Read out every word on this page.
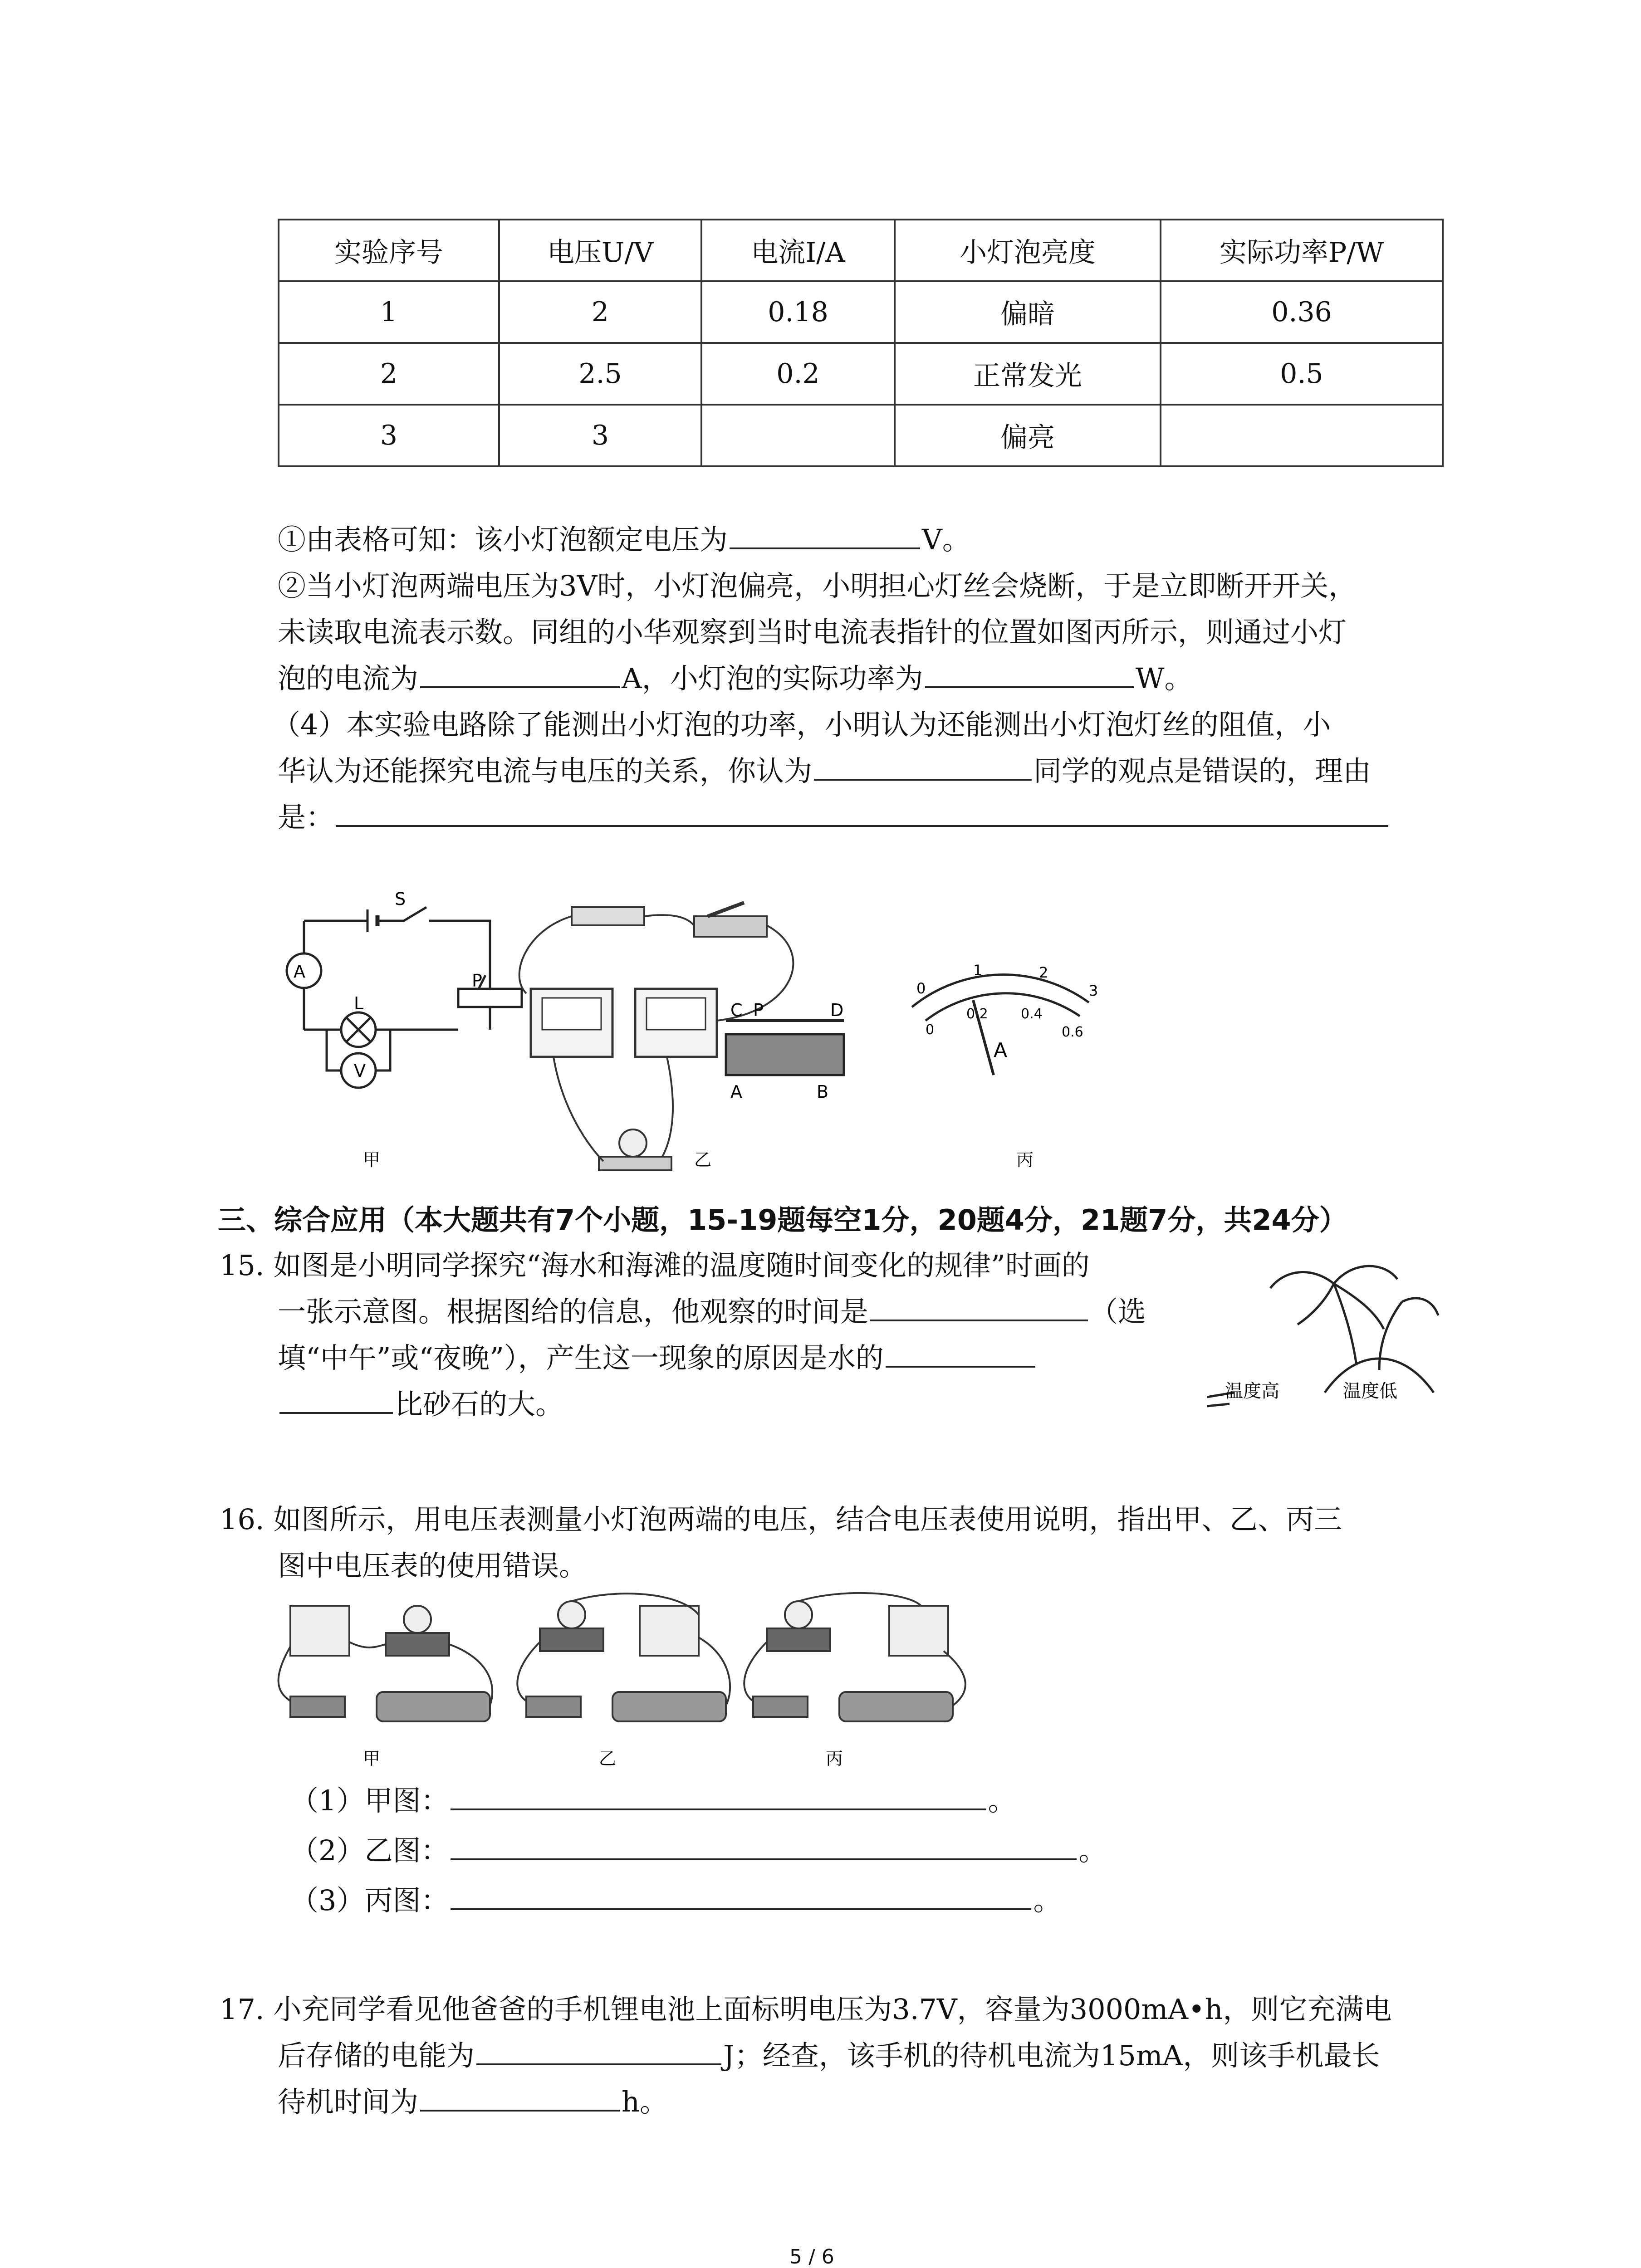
实验序号	电压U/V	电流I/A	小灯泡亮度	实际功率P/W
1	2	0.18	偏暗	0.36
2	2.5	0.2	正常发光	0.5
3	3		偏亮	
①由表格可知：该小灯泡额定电压为	V。
②当小灯泡两端电压为3V时，小灯泡偏亮，小明担心灯丝会烧断，于是立即断开开关，
未读取电流表示数。同组的小华观察到当时电流表指针的位置如图丙所示，则通过小灯
泡的电流为	A，小灯泡的实际功率为	W。
（4）本实验电路除了能测出小灯泡的功率，小明认为还能测出小灯泡灯丝的阻值，小
华认为还能探究电流与电压的关系，你认为	同学的观点是错误的，理由
是：
A
S
L
V
P
甲
C P	D
A	B
乙
0
1	2
3
0
0.2 0.4
0.6
A
丙
三、综合应用（本大题共有7个小题，15-19题每空1分，20题4分，21题7分，共24分）
15. 如图是小明同学探究“海水和海滩的温度随时间变化的规律”时画的
一张示意图。根据图给的信息，他观察的时间是	（选
填“中午”或“夜晚”），产生这一现象的原因是水的
比砂石的大。	温度高	温度低
16. 如图所示，用电压表测量小灯泡两端的电压，结合电压表使用说明，指出甲、乙、丙三
图中电压表的使用错误。
甲	乙	丙
（1）甲图：	。
（2）乙图：	。
（3）丙图：	。
17. 小充同学看见他爸爸的手机锂电池上面标明电压为3.7V，容量为3000mA•h，则它充满电
后存储的电能为	J；经查，该手机的待机电流为15mA，则该手机最长
待机时间为	h。
5 / 6
